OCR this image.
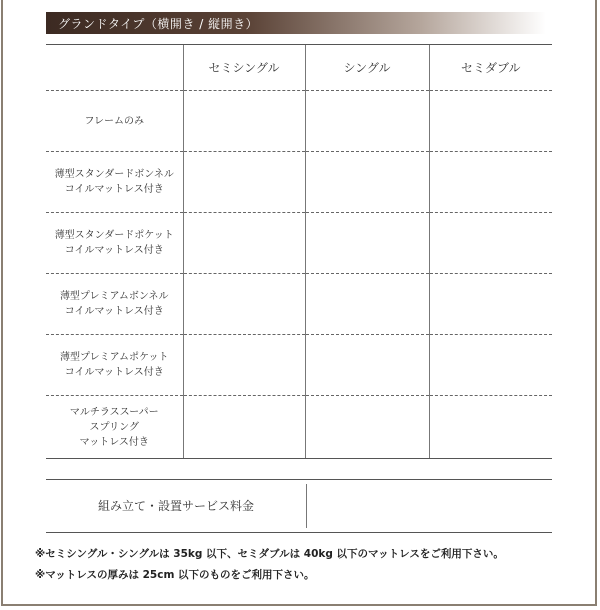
グランドタイプ（横開き / 縦開き）
	セミシングル	シングル	セミダブル

フレームのみ			

薄型スタンダードボンネル
コイルマットレス付き			

薄型スタンダードポケット
コイルマットレス付き			

薄型プレミアムボンネル
コイルマットレス付き			

薄型プレミアムポケット
コイルマットレス付き			

マルチラススーパー
スプリング
マットレス付き			

組み立て・設置サービス料金
※セミシングル・シングルは 35kg 以下、セミダブルは 40kg 以下のマットレスをご利用下さい。
※マットレスの厚みは 25cm 以下のものをご利用下さい。
